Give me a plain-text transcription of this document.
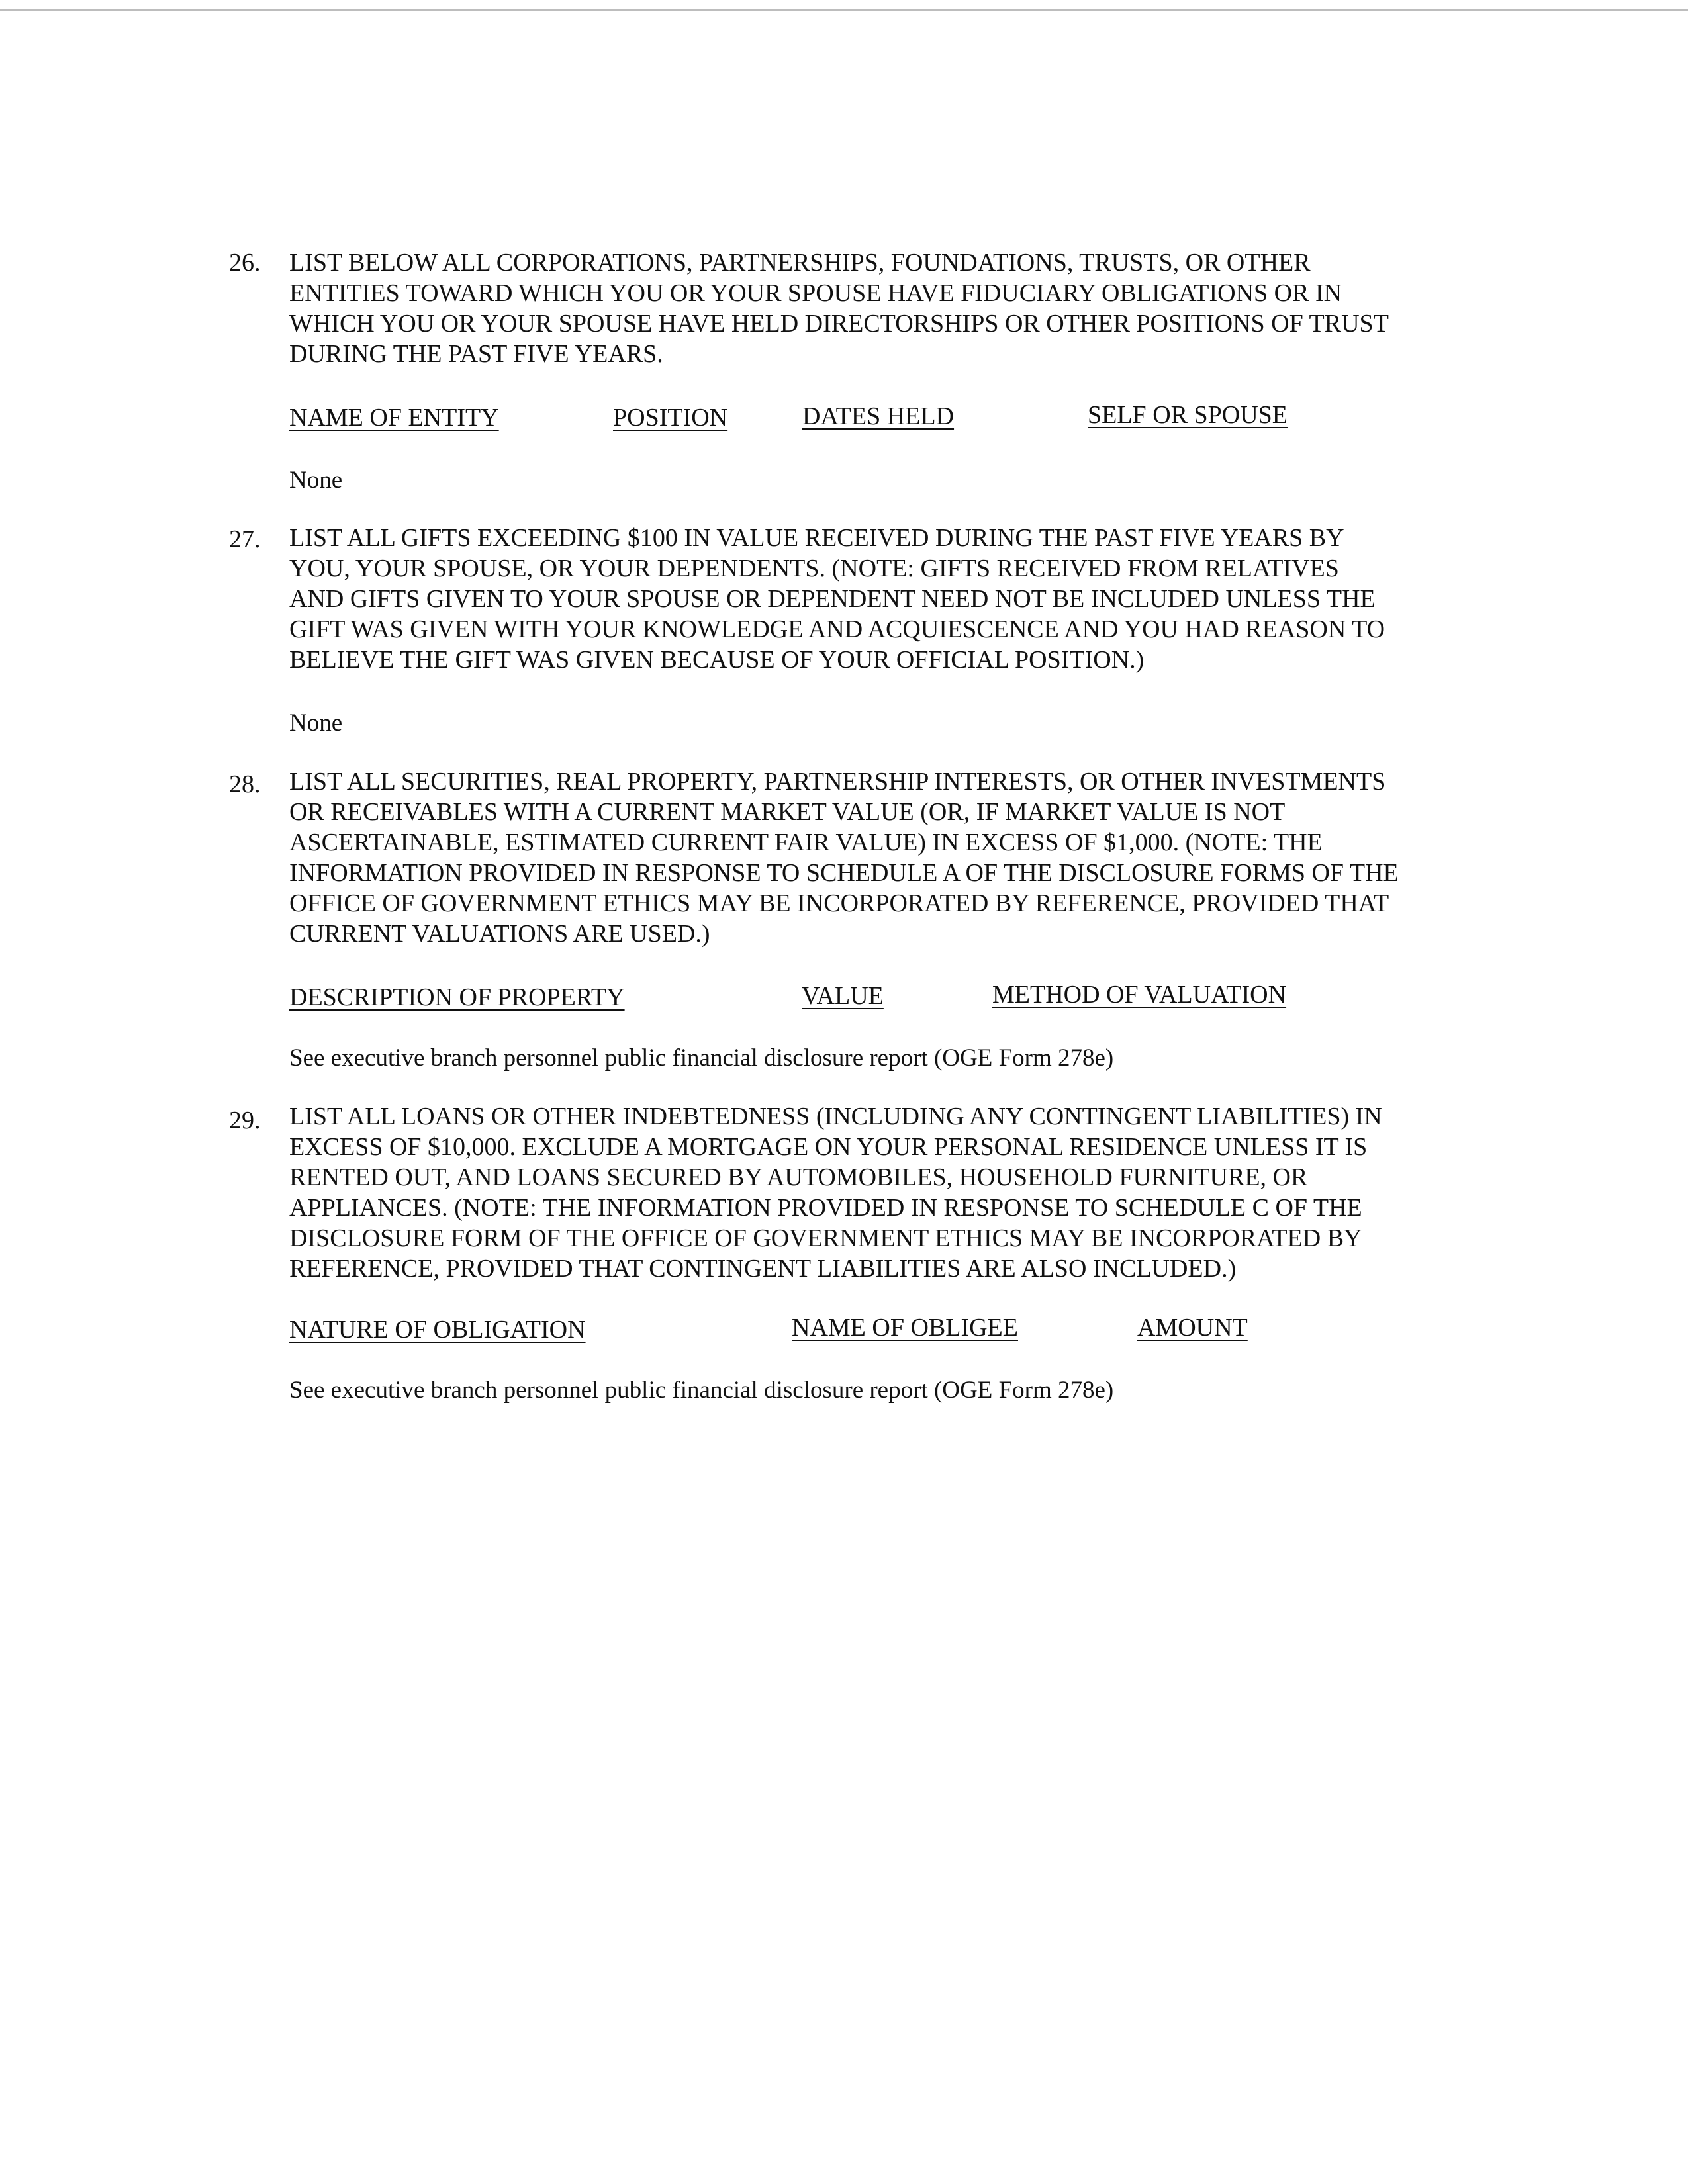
26. LIST BELOW ALL CORPORATIONS, PARTNERSHIPS, FOUNDATIONS, TRUSTS, OR OTHER
ENTITIES TOWARD WHICH YOU OR YOUR SPOUSE HAVE FIDUCIARY OBLIGATIONS OR IN
WHICH YOU OR YOUR SPOUSE HAVE HELD DIRECTORSHIPS OR OTHER POSITIONS OF TRUST
DURING THE PAST FIVE YEARS.
NAME OF ENTITY	POSITION	DATES HELD	SELF OR SPOUSE
None
27. LIST ALL GIFTS EXCEEDING $100 IN VALUE RECEIVED DURING THE PAST FIVE YEARS BY
YOU, YOUR SPOUSE, OR YOUR DEPENDENTS. (NOTE: GIFTS RECEIVED FROM RELATIVES
AND GIFTS GIVEN TO YOUR SPOUSE OR DEPENDENT NEED NOT BE INCLUDED UNLESS THE
GIFT WAS GIVEN WITH YOUR KNOWLEDGE AND ACQUIESCENCE AND YOU HAD REASON TO
BELIEVE THE GIFT WAS GIVEN BECAUSE OF YOUR OFFICIAL POSITION.)
None
28. LIST ALL SECURITIES, REAL PROPERTY, PARTNERSHIP INTERESTS, OR OTHER INVESTMENTS
OR RECEIVABLES WITH A CURRENT MARKET VALUE (OR, IF MARKET VALUE IS NOT
ASCERTAINABLE, ESTIMATED CURRENT FAIR VALUE) IN EXCESS OF $1,000. (NOTE: THE
INFORMATION PROVIDED IN RESPONSE TO SCHEDULE A OF THE DISCLOSURE FORMS OF THE
OFFICE OF GOVERNMENT ETHICS MAY BE INCORPORATED BY REFERENCE, PROVIDED THAT
CURRENT VALUATIONS ARE USED.)
DESCRIPTION OF PROPERTY	VALUE	METHOD OF VALUATION
See executive branch personnel public financial disclosure report (OGE Form 278e)
29. LIST ALL LOANS OR OTHER INDEBTEDNESS (INCLUDING ANY CONTINGENT LIABILITIES) IN
EXCESS OF $10,000. EXCLUDE A MORTGAGE ON YOUR PERSONAL RESIDENCE UNLESS IT IS
RENTED OUT, AND LOANS SECURED BY AUTOMOBILES, HOUSEHOLD FURNITURE, OR
APPLIANCES. (NOTE: THE INFORMATION PROVIDED IN RESPONSE TO SCHEDULE C OF THE
DISCLOSURE FORM OF THE OFFICE OF GOVERNMENT ETHICS MAY BE INCORPORATED BY
REFERENCE, PROVIDED THAT CONTINGENT LIABILITIES ARE ALSO INCLUDED.)
NATURE OF OBLIGATION	NAME OF OBLIGEE	AMOUNT
See executive branch personnel public financial disclosure report (OGE Form 278e)
